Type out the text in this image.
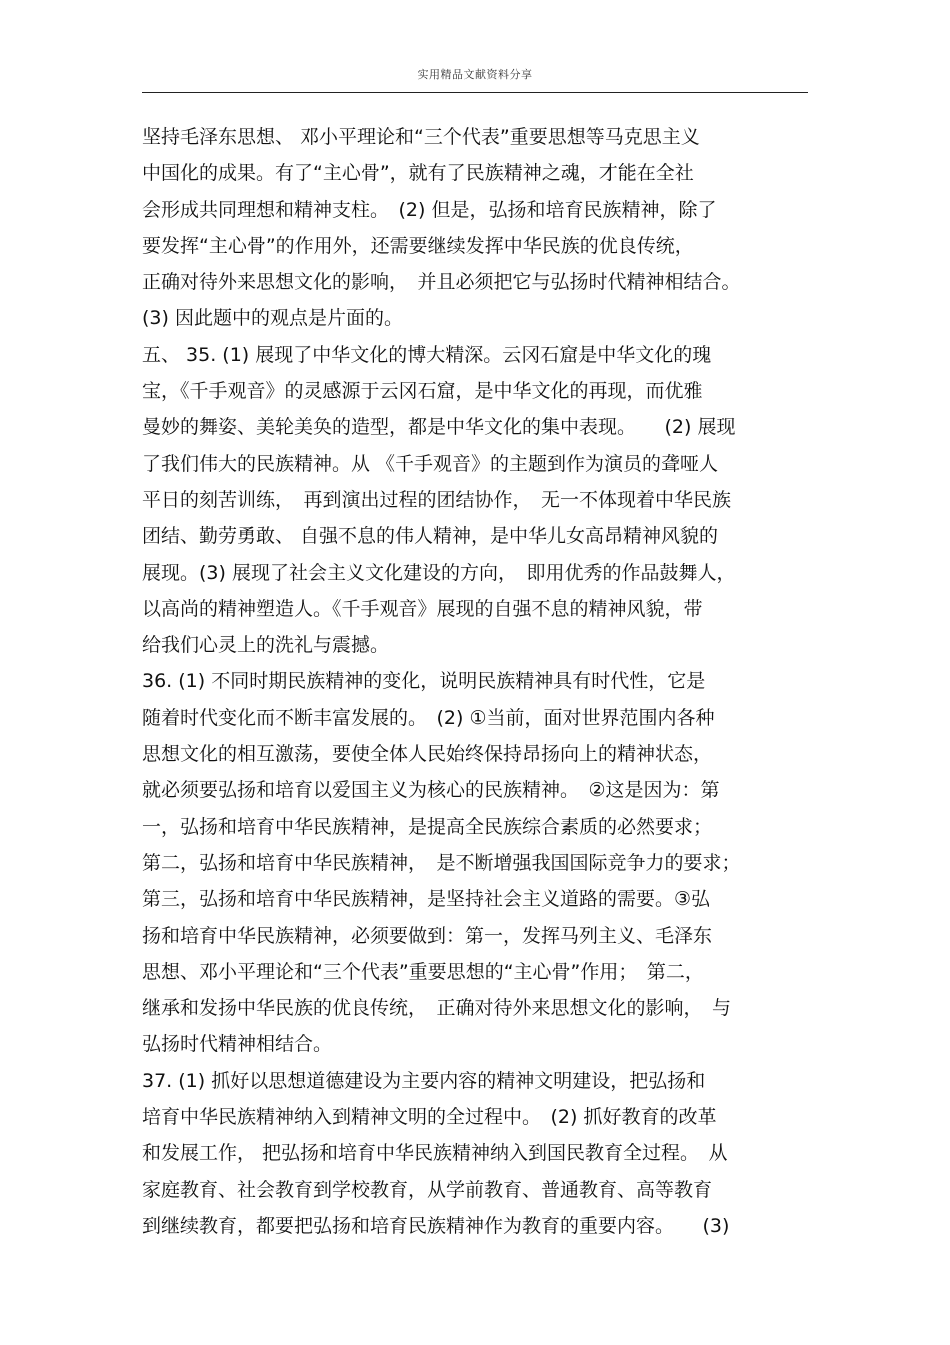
实用精品文献资料分享
坚持毛泽东思想、 邓小平理论和“三个代表”重要思想等马克思主义
中国化的成果。有了“主心骨”，就有了民族精神之魂，才能在全社
会形成共同理想和精神支柱。　(2) 但是，弘扬和培育民族精神，除了
要发挥“主心骨”的作用外，还需要继续发挥中华民族的优良传统，
正确对待外来思想文化的影响，　并且必须把它与弘扬时代精神相结合。
(3) 因此题中的观点是片面的。
五、 35. (1) 展现了中华文化的博大精深。云冈石窟是中华文化的瑰
宝，《千手观音》的灵感源于云冈石窟，是中华文化的再现，而优雅
曼妙的舞姿、美轮美奂的造型，都是中华文化的集中表现。　　(2) 展现
了我们伟大的民族精神。从 《千手观音》的主题到作为演员的聋哑人
平日的刻苦训练，　再到演出过程的团结协作，　无一不体现着中华民族
团结、勤劳勇敢、 自强不息的伟人精神，是中华儿女高昂精神风貌的
展现。(3) 展现了社会主义文化建设的方向，　即用优秀的作品鼓舞人，
以高尚的精神塑造人。《千手观音》展现的自强不息的精神风貌，带
给我们心灵上的洗礼与震撼。
36. (1) 不同时期民族精神的变化，说明民族精神具有时代性，它是
随着时代变化而不断丰富发展的。　(2) ①当前，面对世界范围内各种
思想文化的相互激荡，要使全体人民始终保持昂扬向上的精神状态，
就必须要弘扬和培育以爱国主义为核心的民族精神。　②这是因为：第
一，弘扬和培育中华民族精神，是提高全民族综合素质的必然要求；
第二，弘扬和培育中华民族精神，　是不断增强我国国际竞争力的要求；
第三，弘扬和培育中华民族精神，是坚持社会主义道路的需要。③弘
扬和培育中华民族精神，必须要做到：第一，发挥马列主义、毛泽东
思想、邓小平理论和“三个代表”重要思想的“主心骨”作用；　第二，
继承和发扬中华民族的优良传统，　正确对待外来思想文化的影响，　与
弘扬时代精神相结合。
37. (1) 抓好以思想道德建设为主要内容的精神文明建设，把弘扬和
培育中华民族精神纳入到精神文明的全过程中。　(2) 抓好教育的改革
和发展工作， 把弘扬和培育中华民族精神纳入到国民教育全过程。　从
家庭教育、社会教育到学校教育，从学前教育、普通教育、高等教育
到继续教育，都要把弘扬和培育民族精神作为教育的重要内容。　　(3)
